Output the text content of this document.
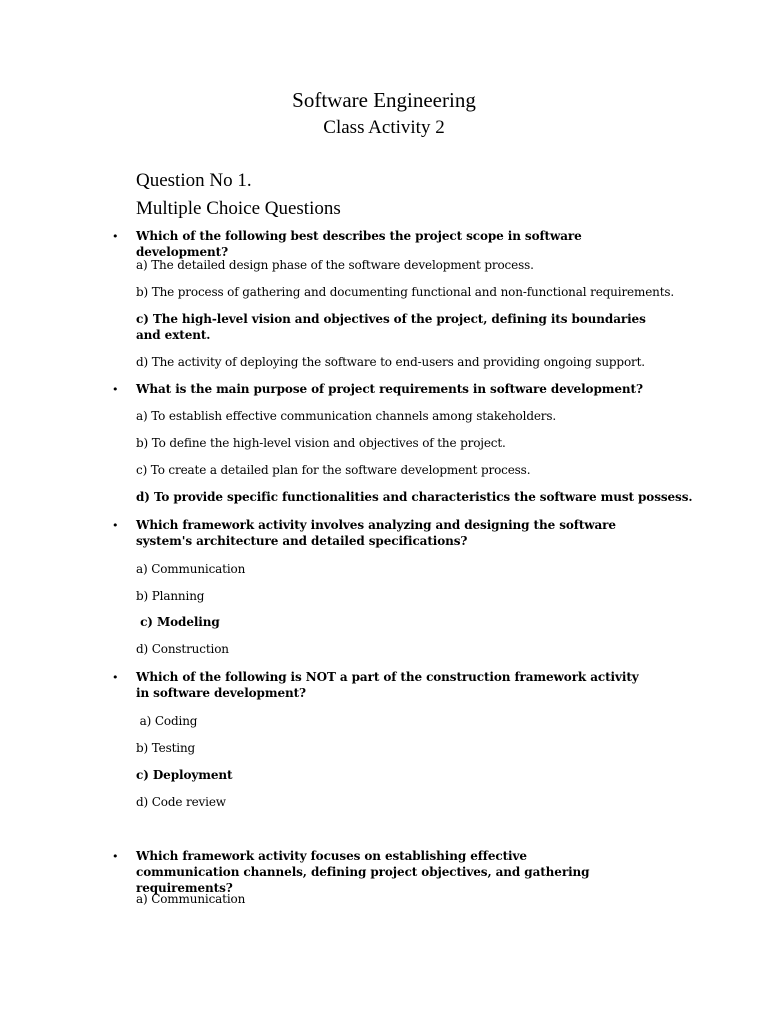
Software Engineering
Class Activity 2
Question No 1.
Multiple Choice Questions
• Which of the following best describes the project scope in software development?
a) The detailed design phase of the software development process.
b) The process of gathering and documenting functional and non-functional requirements.
c) The high-level vision and objectives of the project, defining its boundaries and extent.
d) The activity of deploying the software to end-users and providing ongoing support.
• What is the main purpose of project requirements in software development?
a) To establish effective communication channels among stakeholders.
b) To define the high-level vision and objectives of the project.
c) To create a detailed plan for the software development process.
d) To provide specific functionalities and characteristics the software must possess.
• Which framework activity involves analyzing and designing the software system's architecture and detailed specifications?
a) Communication
b) Planning
c) Modeling
d) Construction
• Which of the following is NOT a part of the construction framework activity in software development?
a) Coding
b) Testing
c) Deployment
d) Code review
• Which framework activity focuses on establishing effective communication channels, defining project objectives, and gathering requirements?
a) Communication
